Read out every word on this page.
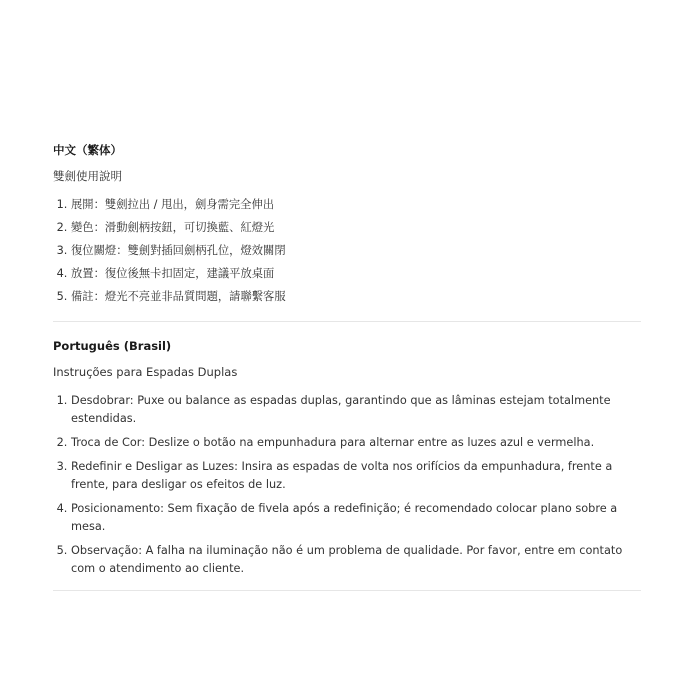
中文（繁体）

雙劍使用說明

1. 展開：雙劍拉出 / 甩出，劍身需完全伸出
2. 變色：滑動劍柄按鈕，可切換藍、紅燈光
3. 復位關燈：雙劍對插回劍柄孔位，燈效關閉
4. 放置：復位後無卡扣固定，建議平放桌面
5. 備註：燈光不亮並非品質問題，請聯繫客服

Português (Brasil)

Instruções para Espadas Duplas

1. Desdobrar: Puxe ou balance as espadas duplas, garantindo que as lâminas estejam totalmente estendidas.
2. Troca de Cor: Deslize o botão na empunhadura para alternar entre as luzes azul e vermelha.
3. Redefinir e Desligar as Luzes: Insira as espadas de volta nos orifícios da empunhadura, frente a frente, para desligar os efeitos de luz.
4. Posicionamento: Sem fixação de fivela após a redefinição; é recomendado colocar plano sobre a mesa.
5. Observação: A falha na iluminação não é um problema de qualidade. Por favor, entre em contato com o atendimento ao cliente.
